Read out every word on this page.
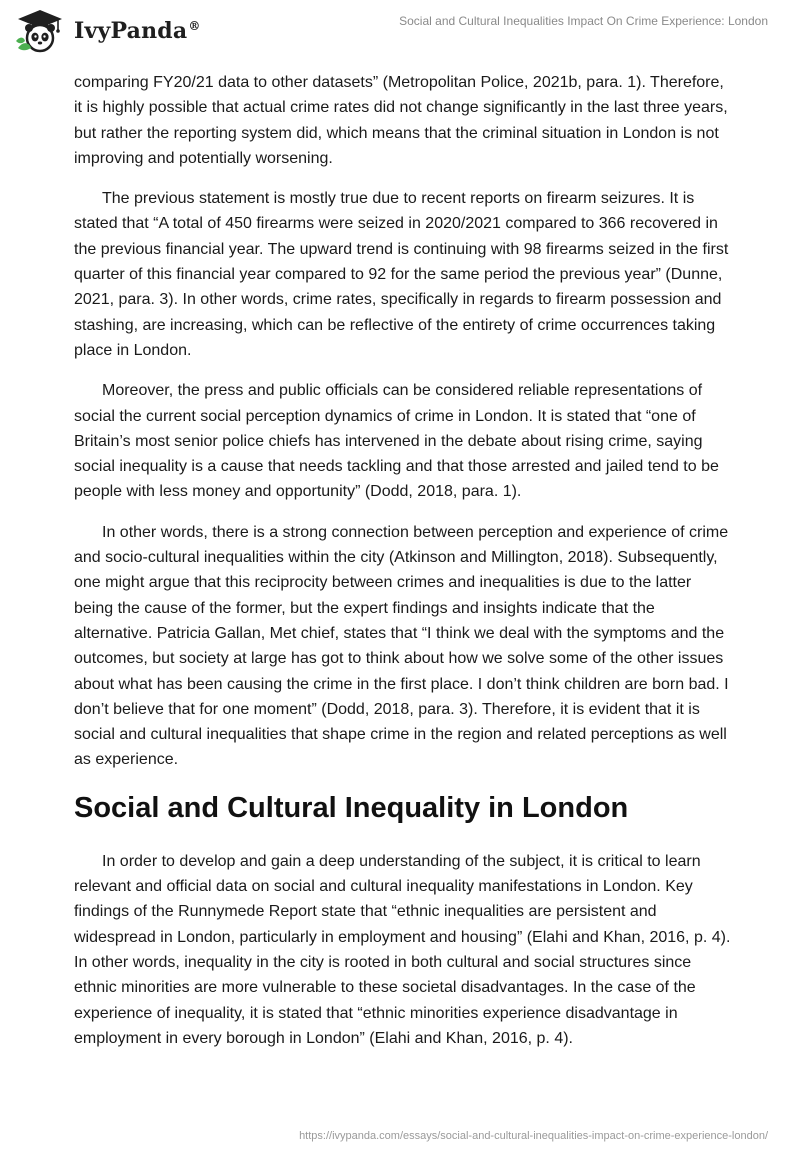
IvyPanda®	Social and Cultural Inequalities Impact On Crime Experience: London

comparing FY20/21 data to other datasets” (Metropolitan Police, 2021b, para. 1). Therefore, it is highly possible that actual crime rates did not change significantly in the last three years, but rather the reporting system did, which means that the criminal situation in London is not improving and potentially worsening.

The previous statement is mostly true due to recent reports on firearm seizures. It is stated that “A total of 450 firearms were seized in 2020/2021 compared to 366 recovered in the previous financial year. The upward trend is continuing with 98 firearms seized in the first quarter of this financial year compared to 92 for the same period the previous year” (Dunne, 2021, para. 3). In other words, crime rates, specifically in regards to firearm possession and stashing, are increasing, which can be reflective of the entirety of crime occurrences taking place in London.

Moreover, the press and public officials can be considered reliable representations of social the current social perception dynamics of crime in London. It is stated that “one of Britain’s most senior police chiefs has intervened in the debate about rising crime, saying social inequality is a cause that needs tackling and that those arrested and jailed tend to be people with less money and opportunity” (Dodd, 2018, para. 1).

In other words, there is a strong connection between perception and experience of crime and socio-cultural inequalities within the city (Atkinson and Millington, 2018). Subsequently, one might argue that this reciprocity between crimes and inequalities is due to the latter being the cause of the former, but the expert findings and insights indicate that the alternative. Patricia Gallan, Met chief, states that “I think we deal with the symptoms and the outcomes, but society at large has got to think about how we solve some of the other issues about what has been causing the crime in the first place. I don’t think children are born bad. I don’t believe that for one moment” (Dodd, 2018, para. 3). Therefore, it is evident that it is social and cultural inequalities that shape crime in the region and related perceptions as well as experience.

Social and Cultural Inequality in London

In order to develop and gain a deep understanding of the subject, it is critical to learn relevant and official data on social and cultural inequality manifestations in London. Key findings of the Runnymede Report state that “ethnic inequalities are persistent and widespread in London, particularly in employment and housing” (Elahi and Khan, 2016, p. 4). In other words, inequality in the city is rooted in both cultural and social structures since ethnic minorities are more vulnerable to these societal disadvantages. In the case of the experience of inequality, it is stated that “ethnic minorities experience disadvantage in employment in every borough in London” (Elahi and Khan, 2016, p. 4).

https://ivypanda.com/essays/social-and-cultural-inequalities-impact-on-crime-experience-london/
